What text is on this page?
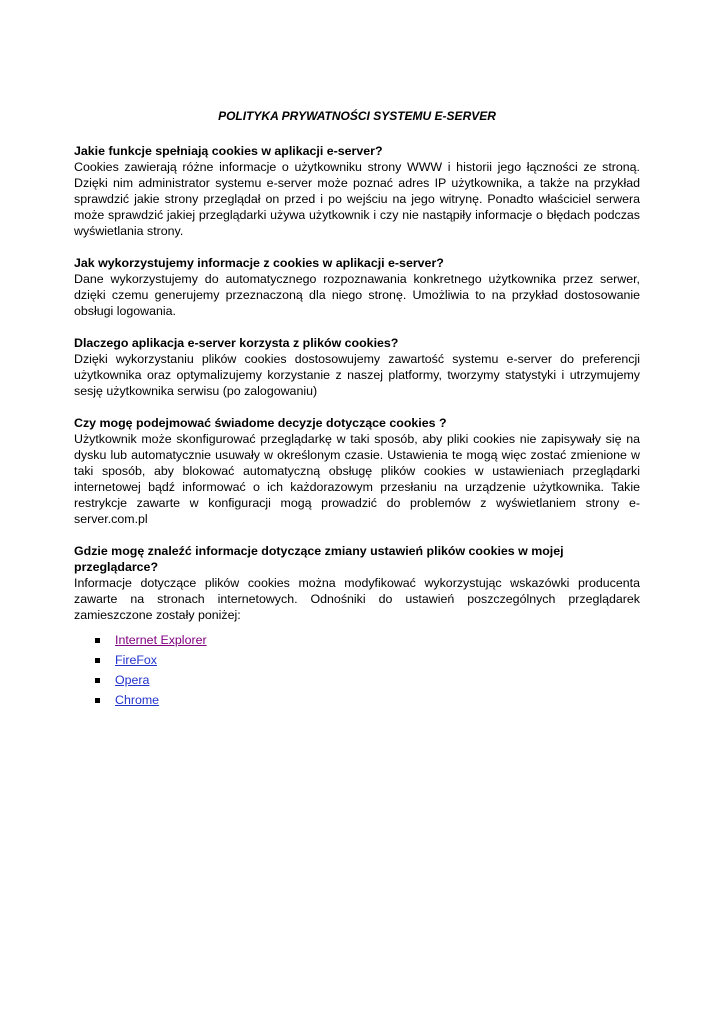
POLITYKA PRYWATNOŚCI SYSTEMU E-SERVER

Jakie funkcje spełniają cookies w aplikacji e-server?

Cookies zawierają różne informacje o użytkowniku strony WWW i historii jego łączności ze stroną. Dzięki nim administrator systemu e-server może poznać adres IP użytkownika, a także na przykład sprawdzić jakie strony przeglądał on przed i po wejściu na jego witrynę. Ponadto właściciel serwera może sprawdzić jakiej przeglądarki używa użytkownik i czy nie nastąpiły informacje o błędach podczas wyświetlania strony.

Jak wykorzystujemy informacje z cookies w aplikacji e-server?

Dane wykorzystujemy do automatycznego rozpoznawania konkretnego użytkownika przez serwer, dzięki czemu generujemy przeznaczoną dla niego stronę. Umożliwia to na przykład dostosowanie obsługi logowania.

Dlaczego aplikacja e-server korzysta z plików cookies?

Dzięki wykorzystaniu plików cookies dostosowujemy zawartość systemu e-server do preferencji użytkownika oraz optymalizujemy korzystanie z naszej platformy, tworzymy statystyki i utrzymujemy sesję użytkownika serwisu (po zalogowaniu)

Czy mogę podejmować świadome decyzje dotyczące cookies ?

Użytkownik może skonfigurować przeglądarkę w taki sposób, aby pliki cookies nie zapisywały się na dysku lub automatycznie usuwały w określonym czasie. Ustawienia te mogą więc zostać zmienione w taki sposób, aby blokować automatyczną obsługę plików cookies w ustawieniach przeglądarki internetowej bądź informować o ich każdorazowym przesłaniu na urządzenie użytkownika. Takie restrykcje zawarte w konfiguracji mogą prowadzić do problemów z wyświetlaniem strony e-server.com.pl

Gdzie mogę znaleźć informacje dotyczące zmiany ustawień plików cookies w mojej przeglądarce?

Informacje dotyczące plików cookies można modyfikować wykorzystując wskazówki producenta zawarte na stronach internetowych. Odnośniki do ustawień poszczególnych przeglądarek zamieszczone zostały poniżej:

Internet Explorer
FireFox
Opera
Chrome
